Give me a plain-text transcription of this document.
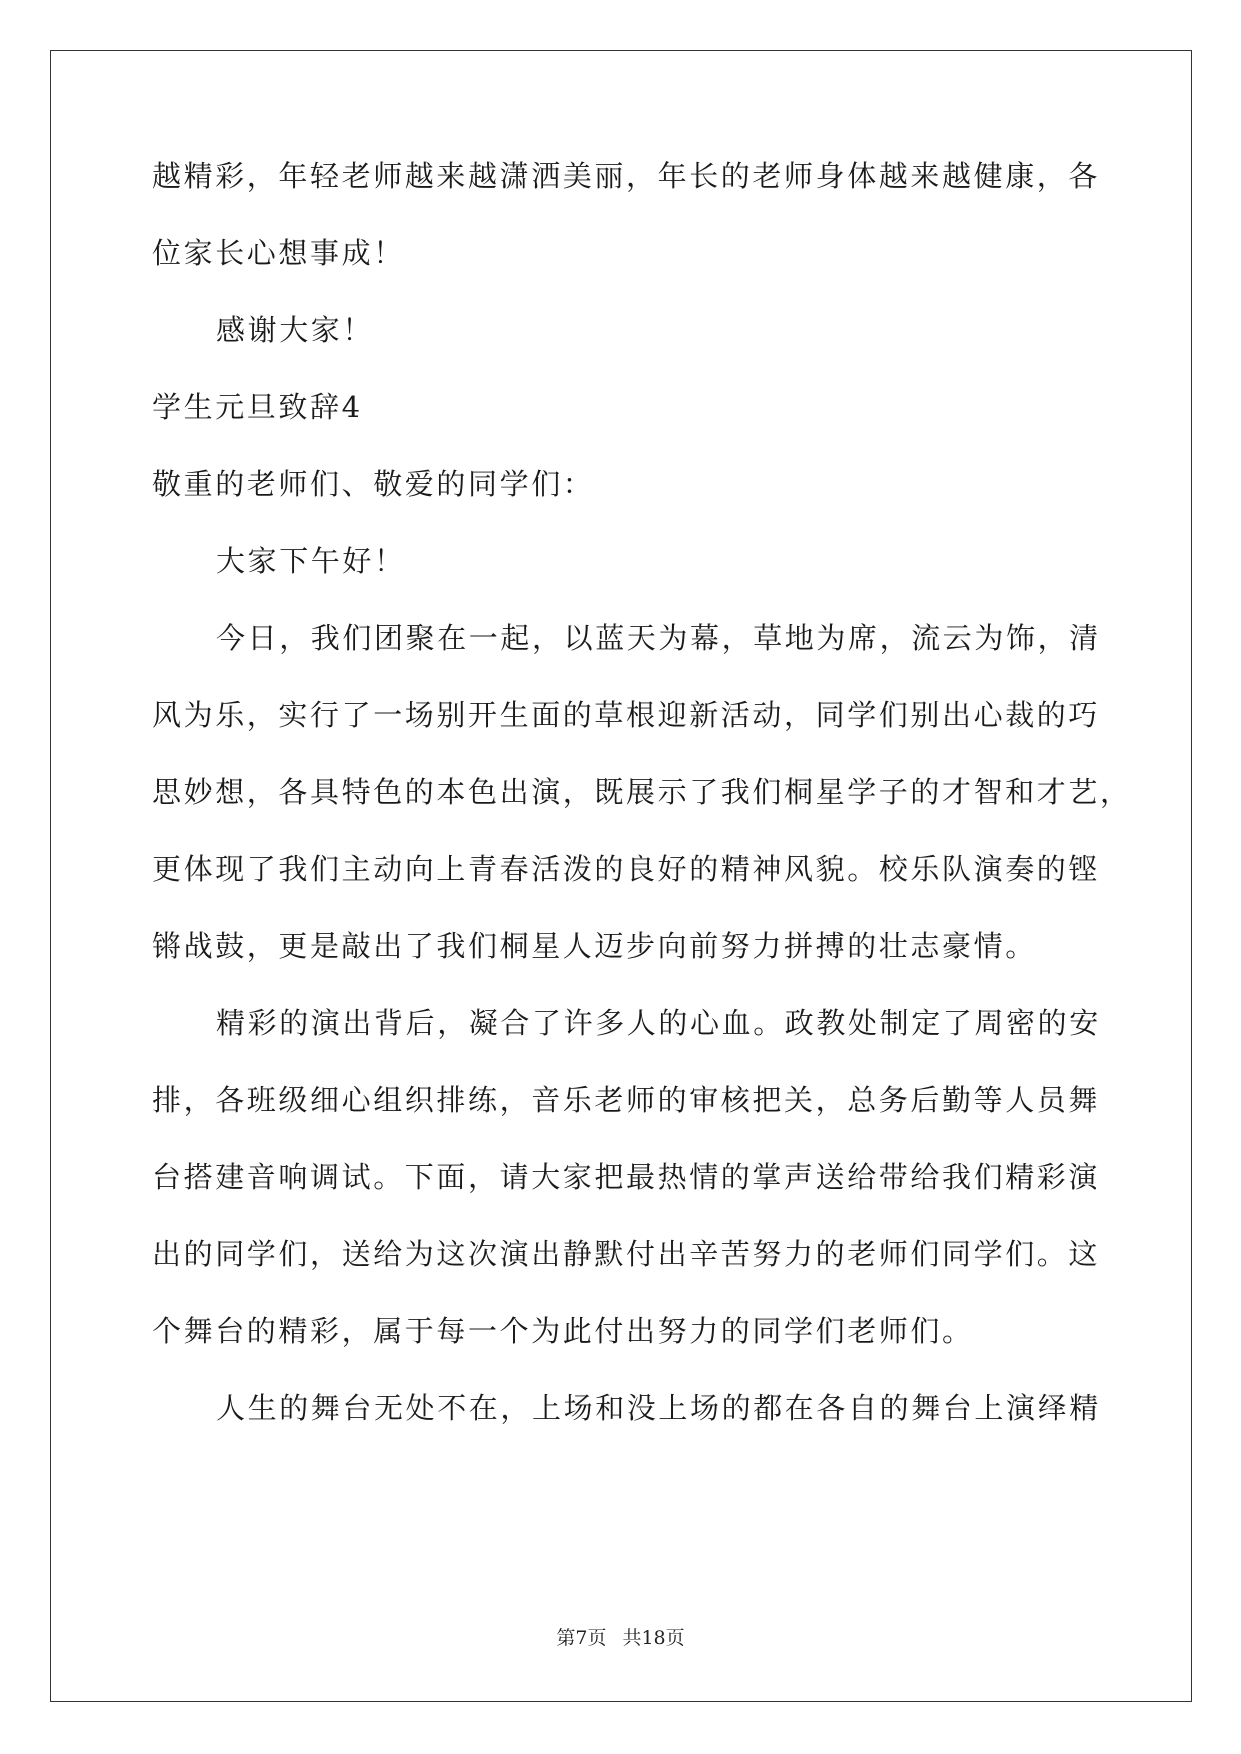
越精彩，年轻老师越来越潇洒美丽，年长的老师身体越来越健康，各

位家长心想事成！

感谢大家！

学生元旦致辞4

敬重的老师们、敬爱的同学们：

大家下午好！

今日，我们团聚在一起，以蓝天为幕，草地为席，流云为饰，清

风为乐，实行了一场别开生面的草根迎新活动，同学们别出心裁的巧

思妙想，各具特色的本色出演，既展示了我们桐星学子的才智和才艺，

更体现了我们主动向上青春活泼的良好的精神风貌。校乐队演奏的铿

锵战鼓，更是敲出了我们桐星人迈步向前努力拼搏的壮志豪情。

精彩的演出背后，凝合了许多人的心血。政教处制定了周密的安

排，各班级细心组织排练，音乐老师的审核把关，总务后勤等人员舞

台搭建音响调试。下面，请大家把最热情的掌声送给带给我们精彩演

出的同学们，送给为这次演出静默付出辛苦努力的老师们同学们。这

个舞台的精彩，属于每一个为此付出努力的同学们老师们。

人生的舞台无处不在，上场和没上场的都在各自的舞台上演绎精

第7页 共18页
